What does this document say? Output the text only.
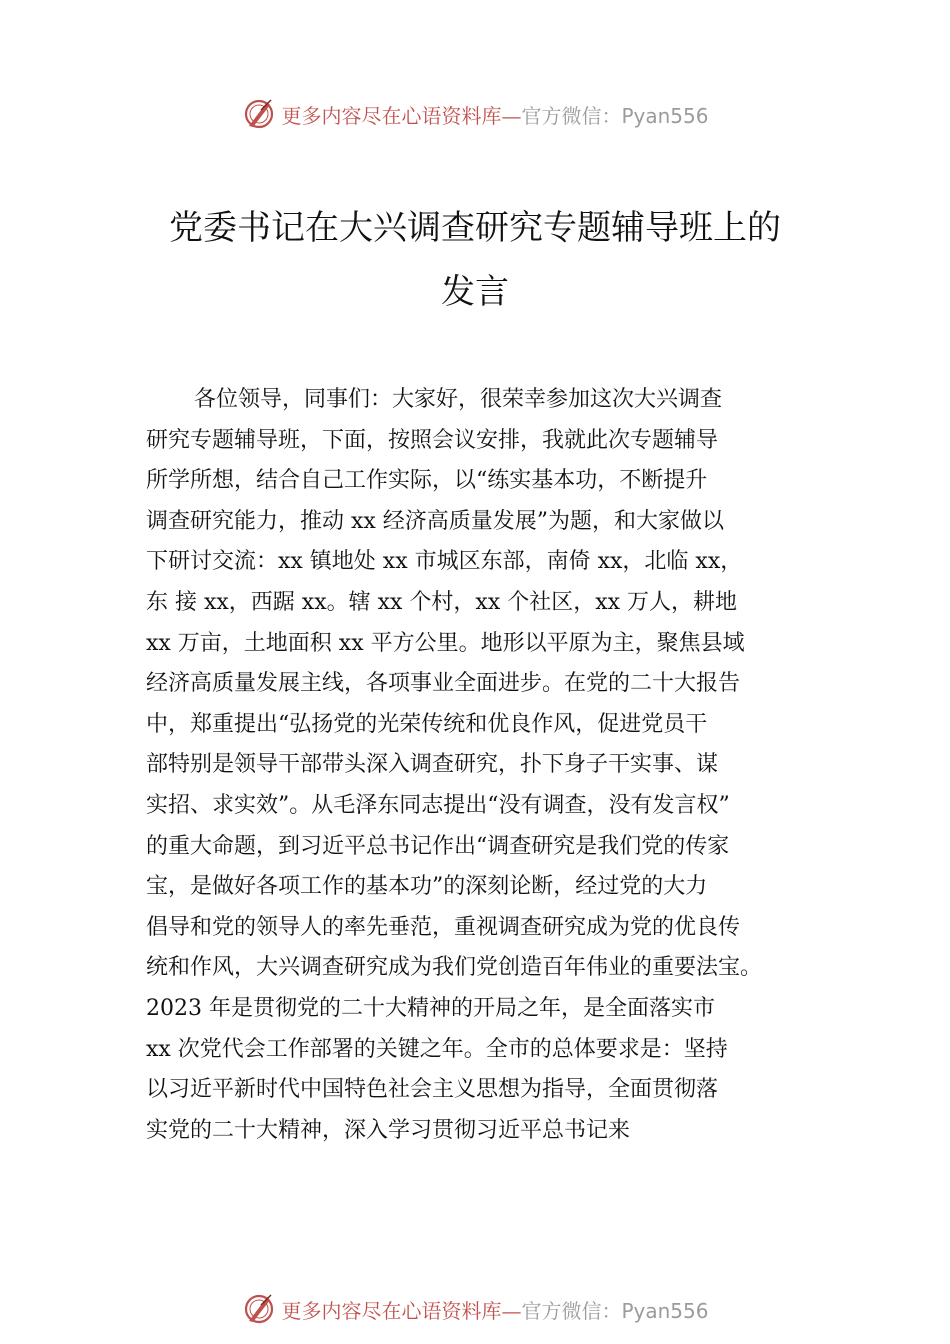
更多内容尽在心语资料库— 官方微信：Pyan556
党委书记在大兴调查研究专题辅导班上的
发言
各位领导，同事们：大家好，很荣幸参加这次大兴调查
研究专题辅导班，下面，按照会议安排，我就此次专题辅导
所学所想，结合自己工作实际，以“练实基本功，不断提升
调查研究能力，推动 xx 经济高质量发展”为题，和大家做以
下研讨交流：xx 镇地处 xx 市城区东部，南倚 xx，北临 xx，
东 接 xx，西踞 xx。辖 xx 个村，xx 个社区，xx 万人，耕地
xx 万亩，土地面积 xx 平方公里。地形以平原为主，聚焦县域
经济高质量发展主线，各项事业全面进步。在党的二十大报告
中，郑重提出“弘扬党的光荣传统和优良作风，促进党员干
部特别是领导干部带头深入调查研究，扑下身子干实事、谋
实招、求实效”。从毛泽东同志提出“没有调查，没有发言权”
的重大命题，到习近平总书记作出“调查研究是我们党的传家
宝，是做好各项工作的基本功”的深刻论断，经过党的大力
倡导和党的领导人的率先垂范，重视调查研究成为党的优良传
统和作风，大兴调查研究成为我们党创造百年伟业的重要法宝。
2023 年是贯彻党的二十大精神的开局之年，是全面落实市
xx 次党代会工作部署的关键之年。全市的总体要求是：坚持
以习近平新时代中国特色社会主义思想为指导，全面贯彻落
实党的二十大精神，深入学习贯彻习近平总书记来
更多内容尽在心语资料库— 官方微信：Pyan556
